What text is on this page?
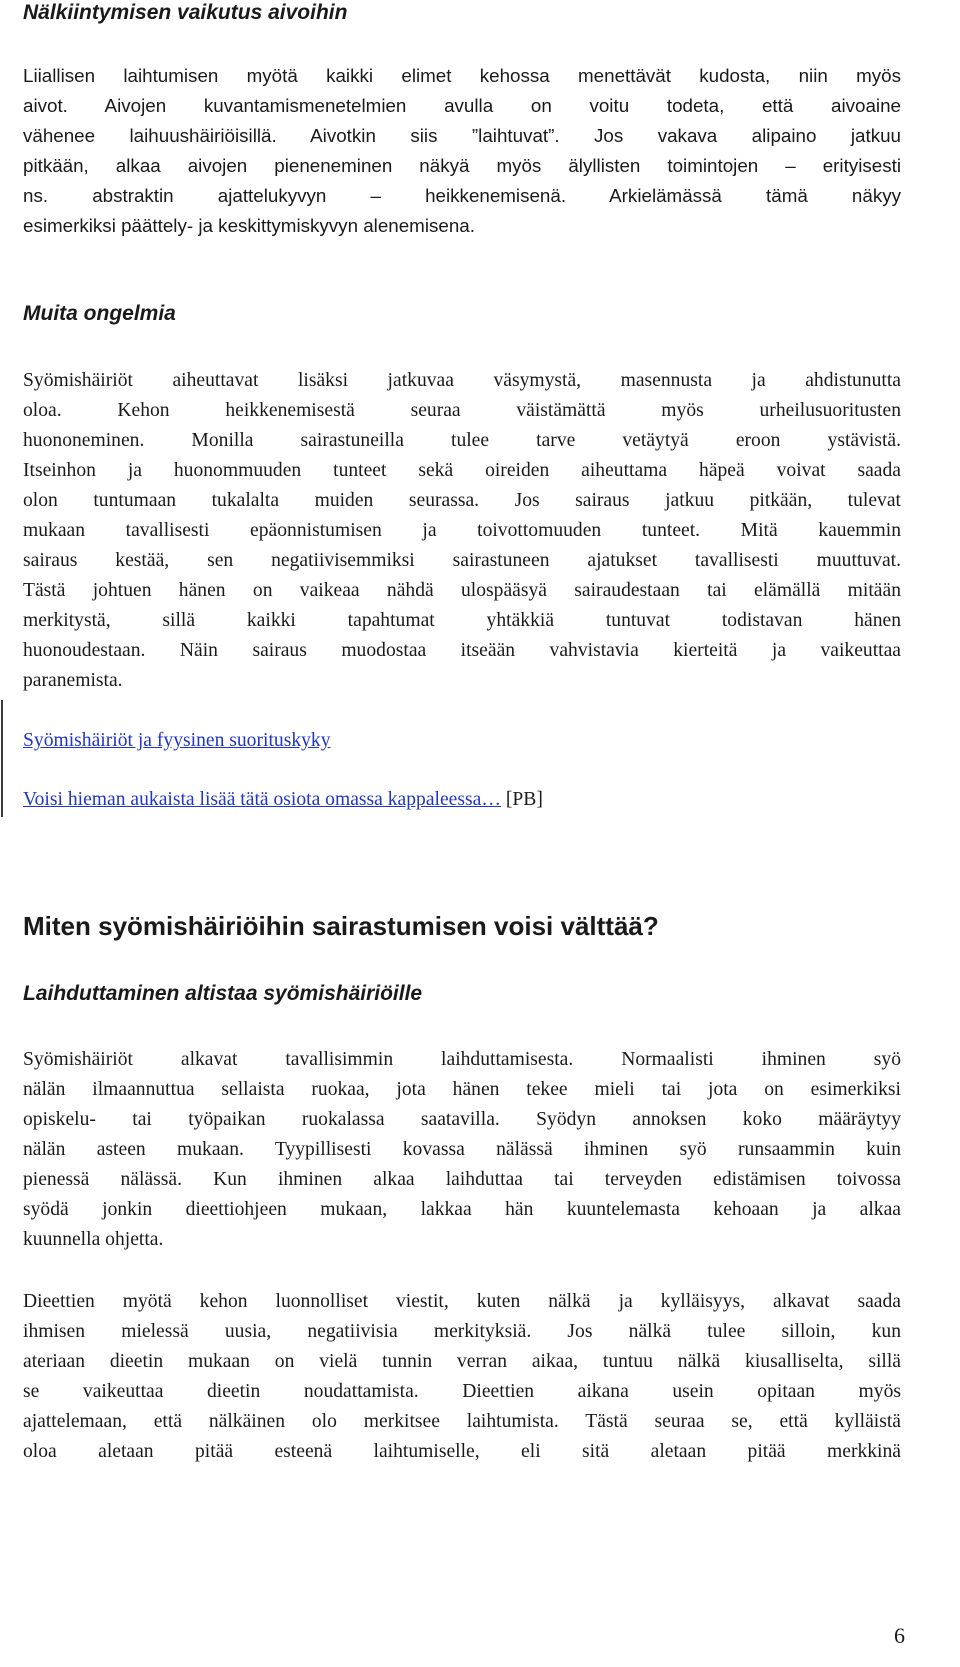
Nälkiintymisen vaikutus aivoihin
Liiallisen laihtumisen myötä kaikki elimet kehossa menettävät kudosta, niin myös
aivot. Aivojen kuvantamismenetelmien avulla on voitu todeta, että aivoaine
vähenee laihuushäiriöisillä. Aivotkin siis ”laihtuvat”. Jos vakava alipaino jatkuu
pitkään, alkaa aivojen pieneneminen näkyä myös älyllisten toimintojen – erityisesti
ns. abstraktin ajattelukyvyn – heikkenemisenä. Arkielämässä tämä näkyy
esimerkiksi päättely- ja keskittymiskyvyn alenemisena.
Muita ongelmia
Syömishäiriöt aiheuttavat lisäksi jatkuvaa väsymystä, masennusta ja ahdistunutta
oloa. Kehon heikkenemisestä seuraa väistämättä myös urheilusuoritusten
huononeminen. Monilla sairastuneilla tulee tarve vetäytyä eroon ystävistä.
Itseinhon ja huonommuuden tunteet sekä oireiden aiheuttama häpeä voivat saada
olon tuntumaan tukalalta muiden seurassa. Jos sairaus jatkuu pitkään, tulevat
mukaan tavallisesti epäonnistumisen ja toivottomuuden tunteet. Mitä kauemmin
sairaus kestää, sen negatiivisemmiksi sairastuneen ajatukset tavallisesti muuttuvat.
Tästä johtuen hänen on vaikeaa nähdä ulospääsyä sairaudestaan tai elämällä mitään
merkitystä, sillä kaikki tapahtumat yhtäkkiä tuntuvat todistavan hänen
huonoudestaan. Näin sairaus muodostaa itseään vahvistavia kierteitä ja vaikeuttaa
paranemista.
Syömishäiriöt ja fyysinen suorituskyky
Voisi hieman aukaista lisää tätä osiota omassa kappaleessa… [PB]
Miten syömishäiriöihin sairastumisen voisi välttää?
Laihduttaminen altistaa syömishäiriöille
Syömishäiriöt alkavat tavallisimmin laihduttamisesta. Normaalisti ihminen syö
nälän ilmaannuttua sellaista ruokaa, jota hänen tekee mieli tai jota on esimerkiksi
opiskelu- tai työpaikan ruokalassa saatavilla. Syödyn annoksen koko määräytyy
nälän asteen mukaan. Tyypillisesti kovassa nälässä ihminen syö runsaammin kuin
pienessä nälässä. Kun ihminen alkaa laihduttaa tai terveyden edistämisen toivossa
syödä jonkin dieettiohjeen mukaan, lakkaa hän kuuntelemasta kehoaan ja alkaa
kuunnella ohjetta.
Dieettien myötä kehon luonnolliset viestit, kuten nälkä ja kylläisyys, alkavat saada
ihmisen mielessä uusia, negatiivisia merkityksiä. Jos nälkä tulee silloin, kun
ateriaan dieetin mukaan on vielä tunnin verran aikaa, tuntuu nälkä kiusalliselta, sillä
se vaikeuttaa dieetin noudattamista. Dieettien aikana usein opitaan myös
ajattelemaan, että nälkäinen olo merkitsee laihtumista. Tästä seuraa se, että kylläistä
oloa aletaan pitää esteenä laihtumiselle, eli sitä aletaan pitää merkkinä
6
